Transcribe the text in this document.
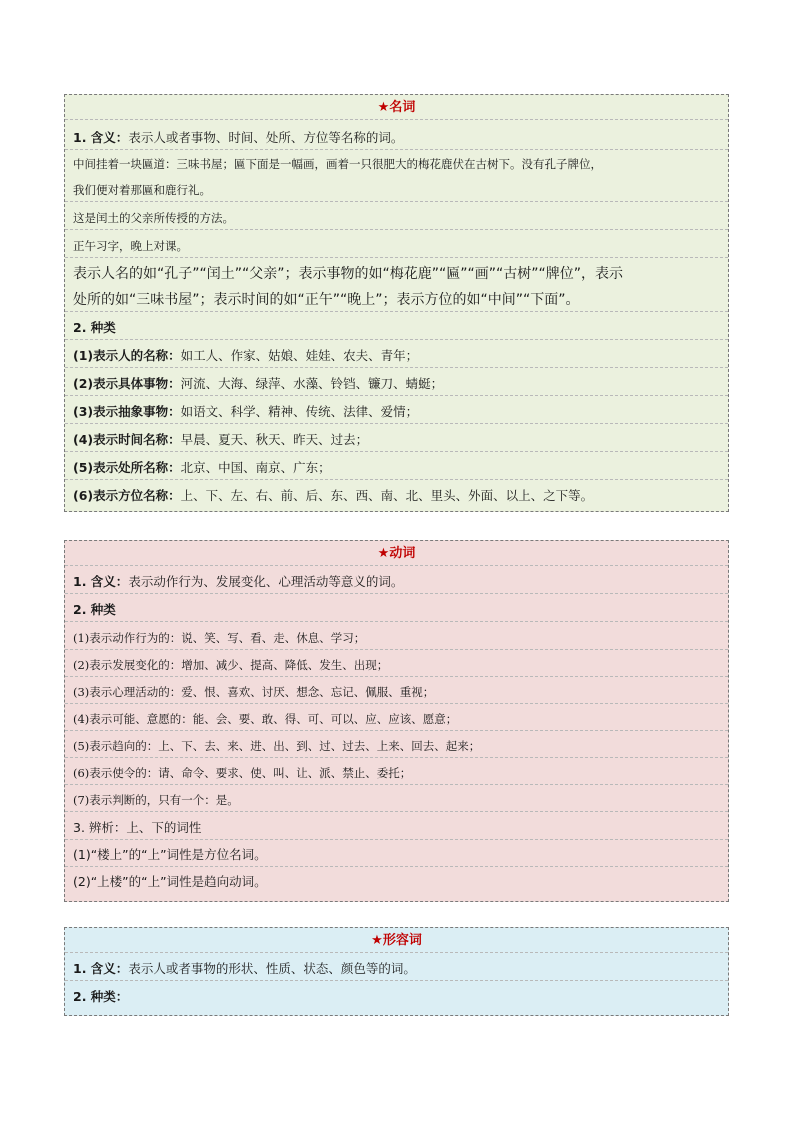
★名词
1. 含义：表示人或者事物、时间、处所、方位等名称的词。
中间挂着一块匾道：三味书屋；匾下面是一幅画，画着一只很肥大的梅花鹿伏在古树下。没有孔子牌位，
我们便对着那匾和鹿行礼。
这是闰土的父亲所传授的方法。
正午习字，晚上对课。
表示人名的如“孔子”“闰土”“父亲”；表示事物的如“梅花鹿”“匾”“画”“古树”“牌位”，表示
处所的如“三味书屋”；表示时间的如“正午”“晚上”；表示方位的如“中间”“下面”。
2. 种类
(1)表示人的名称：如工人、作家、姑娘、娃娃、农夫、青年；
(2)表示具体事物：河流、大海、绿萍、水藻、铃铛、镰刀、蜻蜓；
(3)表示抽象事物：如语文、科学、精神、传统、法律、爱情；
(4)表示时间名称：早晨、夏天、秋天、昨天、过去；
(5)表示处所名称：北京、中国、南京、广东；
(6)表示方位名称：上、下、左、右、前、后、东、西、南、北、里头、外面、以上、之下等。
★动词
1. 含义：表示动作行为、发展变化、心理活动等意义的词。
2. 种类
(1)表示动作行为的：说、笑、写、看、走、休息、学习；
(2)表示发展变化的：增加、减少、提高、降低、发生、出现；
(3)表示心理活动的：爱、恨、喜欢、讨厌、想念、忘记、佩服、重视；
(4)表示可能、意愿的：能、会、要、敢、得、可、可以、应、应该、愿意；
(5)表示趋向的：上、下、去、来、进、出、到、过、过去、上来、回去、起来；
(6)表示使令的：请、命令、要求、使、叫、让、派、禁止、委托；
(7)表示判断的，只有一个：是。
3. 辨析：上、下的词性
(1)“楼上”的“上”词性是方位名词。
(2)“上楼”的“上”词性是趋向动词。
★形容词
1. 含义：表示人或者事物的形状、性质、状态、颜色等的词。
2. 种类：
